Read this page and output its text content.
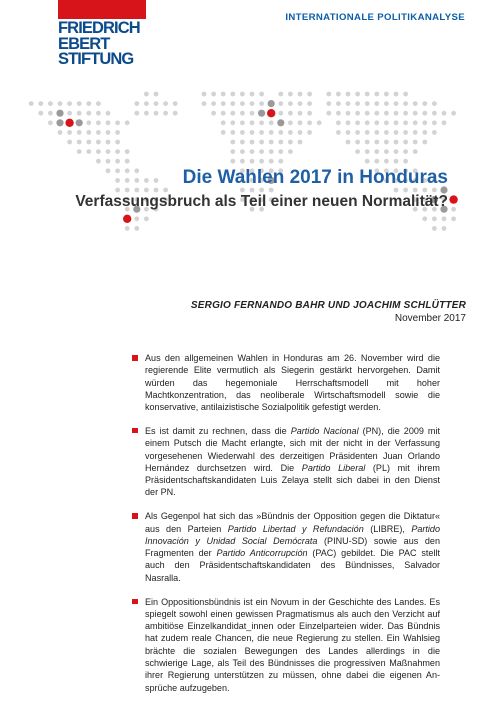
FRIEDRICH
EBERT
STIFTUNG
INTERNATIONALE POLITIKANALYSE
Die Wahlen 2017 in Honduras
Verfassungsbruch als Teil einer neuen Normalität?
SERGIO FERNANDO BAHR UND JOACHIM SCHLÜTTER
November 2017
Aus den allgemeinen Wahlen in Honduras am 26. November wird die regierende Elite vermutlich als Siegerin gestärkt hervorgehen. Damit würden das hegemoniale Herrschaftsmodell mit hoher Machtkonzentration, das neoliberale Wirtschaftsmodell sowie die konservative, antilaizistische Sozialpolitik gefestigt werden.
Es ist damit zu rechnen, dass die Partido Nacional (PN), die 2009 mit einem Putsch die Macht erlangte, sich mit der nicht in der Verfassung vorgesehenen Wiederwahl des derzeitigen Präsidenten Juan Orlando Hernández durchsetzen wird. Die Partido Liberal (PL) mit ihrem Präsidentschaftskandidaten Luis Zelaya stellt sich dabei in den Dienst der PN.
Als Gegenpol hat sich das »Bündnis der Opposition gegen die Diktatur« aus den Parteien Partido Libertad y Refundación (LIBRE), Partido Innovación y Unidad Social Demócrata (PINU-SD) sowie aus den Fragmenten der Partido Anticorrupción (PAC) gebildet. Die PAC stellt auch den Präsidentschaftskandidaten des Bündnisses, Salvador Nasralla.
Ein Oppositionsbündnis ist ein Novum in der Geschichte des Landes. Es spiegelt sowohl einen gewissen Pragmatismus als auch den Verzicht auf ambitiöse Einzelkandidat_innen oder Einzelparteien wider. Das Bündnis hat zudem reale Chancen, die neue Regierung zu stellen. Ein Wahlsieg brächte die sozialen Bewegungen des Landes allerdings in die schwierige Lage, als Teil des Bündnisses die progressiven Maßnahmen ihrer Regierung unterstützen zu müssen, ohne dabei die eigenen Ansprüche aufzugeben.
